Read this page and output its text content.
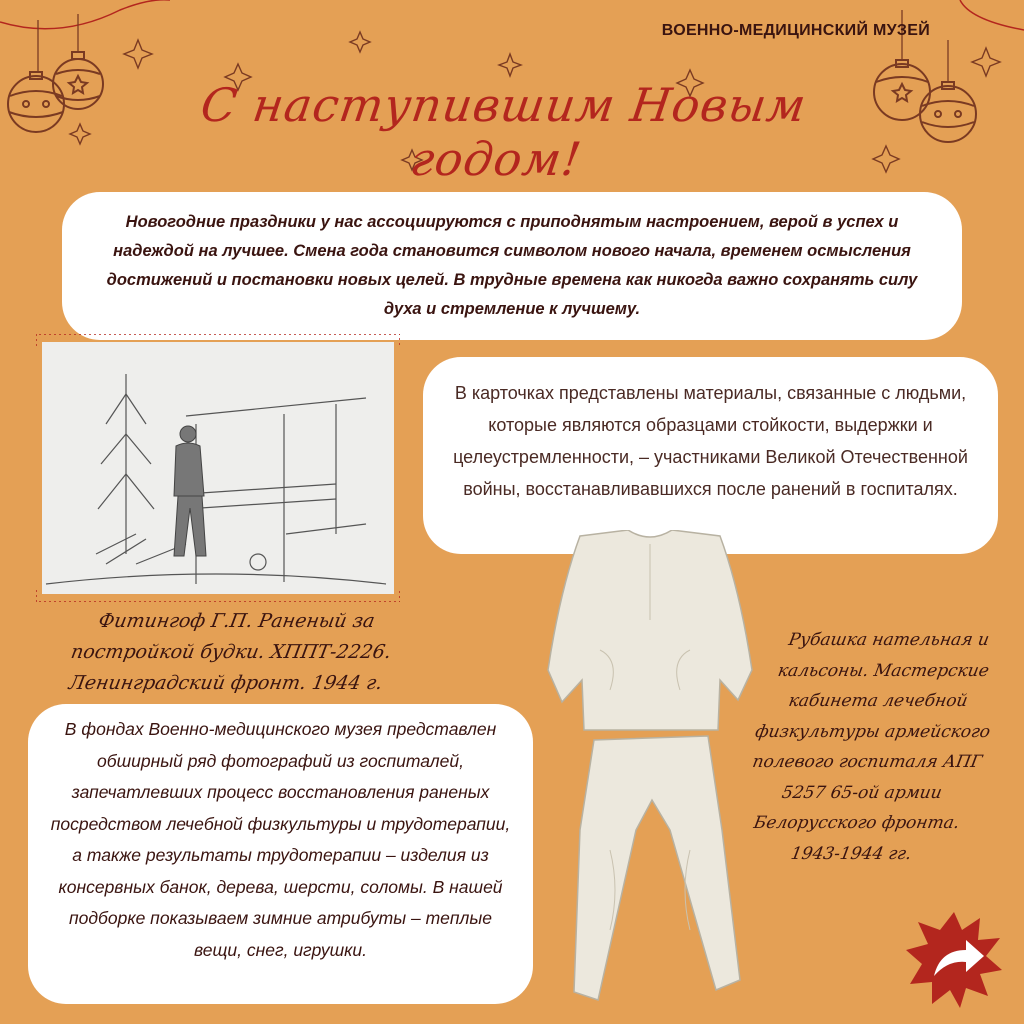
ВОЕННО-МЕДИЦИНСКИЙ МУЗЕЙ
С наступившим Новым годом!
Новогодние праздники у нас ассоциируются с приподнятым настроением, верой в успех и надеждой на лучшее. Смена года становится символом нового начала, временем осмысления достижений и постановки новых целей. В трудные времена как никогда важно сохранять силу духа и стремление к лучшему.
Фитингоф Г.П. Раненый за постройкой будки. ХППТ-2226. Ленинградский фронт. 1944 г.
В карточках представлены материалы, связанные с людьми, которые являются образцами стойкости, выдержки и целеустремленности, – участниками Великой Отечественной войны, восстанавливавшихся после ранений в госпиталях.
Рубашка нательная и кальсоны. Мастерские кабинета лечебной физкультуры армейского полевого госпиталя АПГ 5257 65-ой армии Белорусского фронта. 1943-1944 гг.
В фондах Военно-медицинского музея представлен обширный ряд фотографий из госпиталей, запечатлевших процесс восстановления раненых посредством лечебной физкультуры и трудотерапии, а также результаты трудотерапии – изделия из консервных банок, дерева, шерсти, соломы. В нашей подборке показываем зимние атрибуты – теплые вещи, снег, игрушки.
